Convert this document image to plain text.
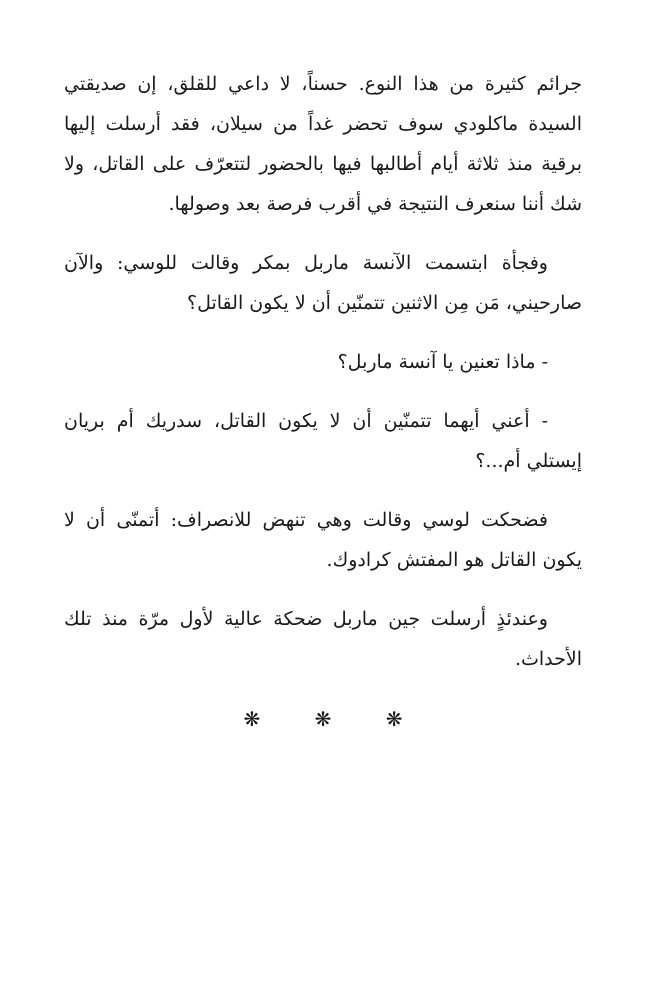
جرائم كثيرة من هذا النوع. حسناً، لا داعي للقلق، إن صديقتي السيدة ماكلودي سوف تحضر غداً من سيلان، فقد أرسلت إليها برقية منذ ثلاثة أيام أطالبها فيها بالحضور لتتعرّف على القاتل، ولا شك أننا سنعرف النتيجة في أقرب فرصة بعد وصولها.

وفجأة ابتسمت الآنسة ماربل بمكر وقالت للوسي: والآن صارحيني، مَن مِن الاثنين تتمنّين أن لا يكون القاتل؟

- ماذا تعنين يا آنسة ماربل؟

- أعني أيهما تتمنّين أن لا يكون القاتل، سدريك أم بريان إيستلي أم...؟

فضحكت لوسي وقالت وهي تنهض للانصراف: أتمنّى أن لا يكون القاتل هو المفتش كرادوك.

وعندئذٍ أرسلت جين ماربل ضحكة عالية لأول مرّة منذ تلك الأحداث.

❋ ❋ ❋
